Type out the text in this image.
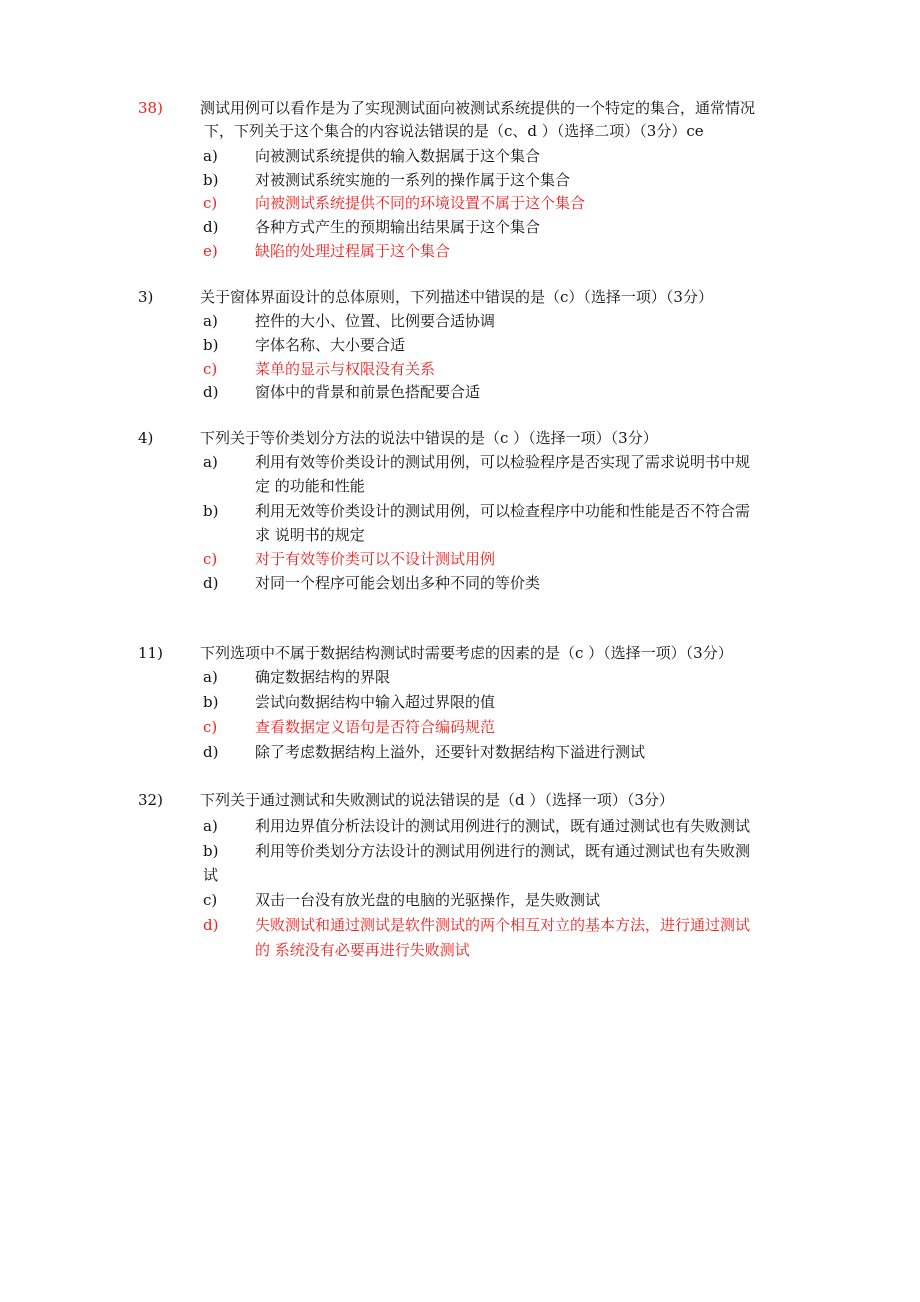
38) 测试用例可以看作是为了实现测试面向被测试系统提供的一个特定的集合，通常情况
下，下列关于这个集合的内容说法错误的是（c、d ）（选择二项）（3分）ce
a) 向被测试系统提供的输入数据属于这个集合
b) 对被测试系统实施的一系列的操作属于这个集合
c)	向被测试系统提供不同的环境设置不属于这个集合
d) 各种方式产生的预期输出结果属于这个集合
e) 缺陷的处理过程属于这个集合
3)	关于窗体界面设计的总体原则，下列描述中错误的是（c）（选择一项）（3分）
a) 控件的大小、位置、比例要合适协调
b) 字体名称、大小要合适
c)	菜单的显示与权限没有关系
d) 窗体中的背景和前景色搭配要合适
4)	下列关于等价类划分方法的说法中错误的是（c ）（选择一项）（3分）
a) 利用有效等价类设计的测试用例，可以检验程序是否实现了需求说明书中规
定 的功能和性能
b) 利用无效等价类设计的测试用例，可以检查程序中功能和性能是否不符合需
求 说明书的规定
c)	对于有效等价类可以不设计测试用例
d) 对同一个程序可能会划出多种不同的等价类
11) 下列选项中不属于数据结构测试时需要考虑的因素的是（c ）（选择一项）（3分）
a) 确定数据结构的界限
b) 尝试向数据结构中输入超过界限的值
c)	查看数据定义语句是否符合编码规范
d) 除了考虑数据结构上溢外，还要针对数据结构下溢进行测试
32) 下列关于通过测试和失败测试的说法错误的是（d ）（选择一项）（3分）
a) 利用边界值分析法设计的测试用例进行的测试，既有通过测试也有失败测试
b) 利用等价类划分方法设计的测试用例进行的测试，既有通过测试也有失败测
试
c)	双击一台没有放光盘的电脑的光驱操作，是失败测试
d) 失败测试和通过测试是软件测试的两个相互对立的基本方法，进行通过测试
的 系统没有必要再进行失败测试
